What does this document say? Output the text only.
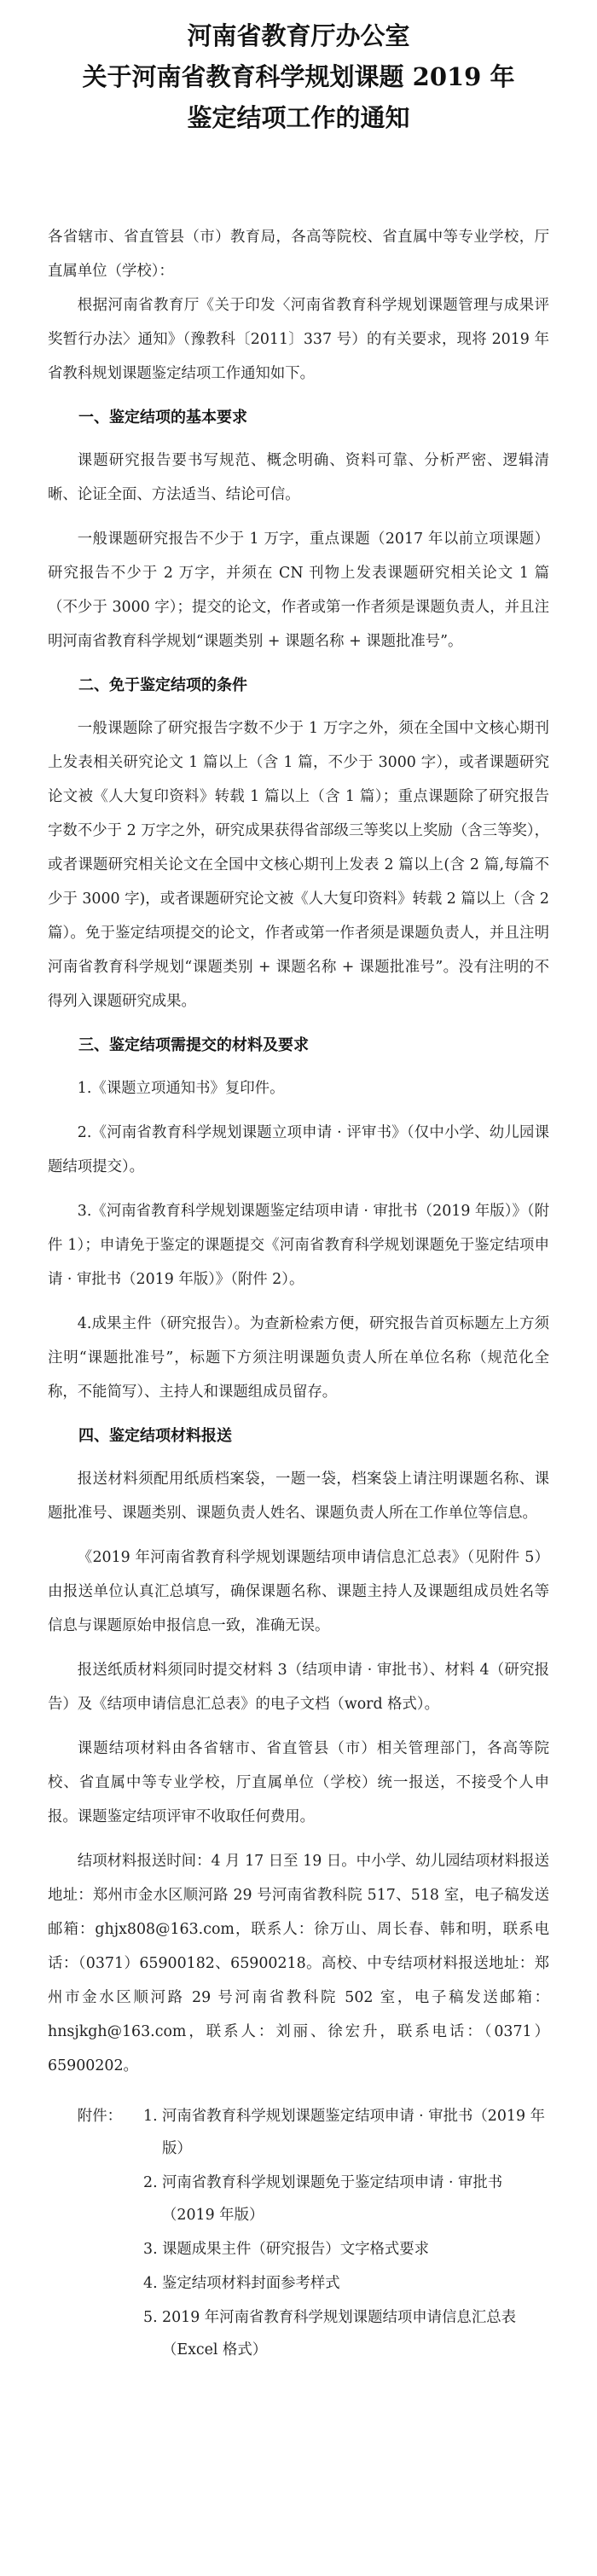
河南省教育厅办公室
关于河南省教育科学规划课题 2019 年
鉴定结项工作的通知

各省辖市、省直管县（市）教育局，各高等院校、省直属中等专业学校，厅直属单位（学校）：

根据河南省教育厅《关于印发〈河南省教育科学规划课题管理与成果评奖暂行办法〉通知》（豫教科〔2011〕337 号）的有关要求，现将 2019 年省教科规划课题鉴定结项工作通知如下。

一、鉴定结项的基本要求

课题研究报告要书写规范、概念明确、资料可靠、分析严密、逻辑清晰、论证全面、方法适当、结论可信。

一般课题研究报告不少于 1 万字，重点课题（2017 年以前立项课题）研究报告不少于 2 万字，并须在 CN 刊物上发表课题研究相关论文 1 篇（不少于 3000 字）；提交的论文，作者或第一作者须是课题负责人，并且注明河南省教育科学规划“课题类别 + 课题名称 + 课题批准号”。

二、免于鉴定结项的条件

一般课题除了研究报告字数不少于 1 万字之外，须在全国中文核心期刊上发表相关研究论文 1 篇以上（含 1 篇，不少于 3000 字），或者课题研究论文被《人大复印资料》转载 1 篇以上（含 1 篇）；重点课题除了研究报告字数不少于 2 万字之外，研究成果获得省部级三等奖以上奖励（含三等奖），或者课题研究相关论文在全国中文核心期刊上发表 2 篇以上(含 2 篇,每篇不少于 3000 字)，或者课题研究论文被《人大复印资料》转载 2 篇以上（含 2 篇）。免于鉴定结项提交的论文，作者或第一作者须是课题负责人，并且注明河南省教育科学规划“课题类别 + 课题名称 + 课题批准号”。没有注明的不得列入课题研究成果。

三、鉴定结项需提交的材料及要求

1.《课题立项通知书》复印件。

2.《河南省教育科学规划课题立项申请 · 评审书》（仅中小学、幼儿园课题结项提交）。

3.《河南省教育科学规划课题鉴定结项申请 · 审批书（2019 年版）》（附件 1）；申请免于鉴定的课题提交《河南省教育科学规划课题免于鉴定结项申请 · 审批书（2019 年版）》（附件 2）。

4.成果主件（研究报告）。为查新检索方便，研究报告首页标题左上方须注明“课题批准号”，标题下方须注明课题负责人所在单位名称（规范化全称，不能简写）、主持人和课题组成员留存。

四、鉴定结项材料报送

报送材料须配用纸质档案袋，一题一袋，档案袋上请注明课题名称、课题批准号、课题类别、课题负责人姓名、课题负责人所在工作单位等信息。

《2019 年河南省教育科学规划课题结项申请信息汇总表》（见附件 5）由报送单位认真汇总填写，确保课题名称、课题主持人及课题组成员姓名等信息与课题原始申报信息一致，准确无误。

报送纸质材料须同时提交材料 3（结项申请 · 审批书）、材料 4（研究报告）及《结项申请信息汇总表》的电子文档（word 格式）。

课题结项材料由各省辖市、省直管县（市）相关管理部门，各高等院校、省直属中等专业学校，厅直属单位（学校）统一报送，不接受个人申报。课题鉴定结项评审不收取任何费用。

结项材料报送时间：4 月 17 日至 19 日。中小学、幼儿园结项材料报送地址：郑州市金水区顺河路 29 号河南省教科院 517、518 室，电子稿发送邮箱：ghjx808@163.com，联系人：徐万山、周长春、韩和明，联系电话：（0371）65900182、65900218。高校、中专结项材料报送地址：郑州市金水区顺河路 29 号河南省教科院 502 室，电子稿发送邮箱：hnsjkgh@163.com，联系人：刘丽、徐宏升，联系电话：（0371）65900202。

附件：	1. 河南省教育科学规划课题鉴定结项申请 · 审批书（2019 年版）
2. 河南省教育科学规划课题免于鉴定结项申请 · 审批书（2019 年版）
3. 课题成果主件（研究报告）文字格式要求
4. 鉴定结项材料封面参考样式
5. 2019 年河南省教育科学规划课题结项申请信息汇总表（Excel 格式）
